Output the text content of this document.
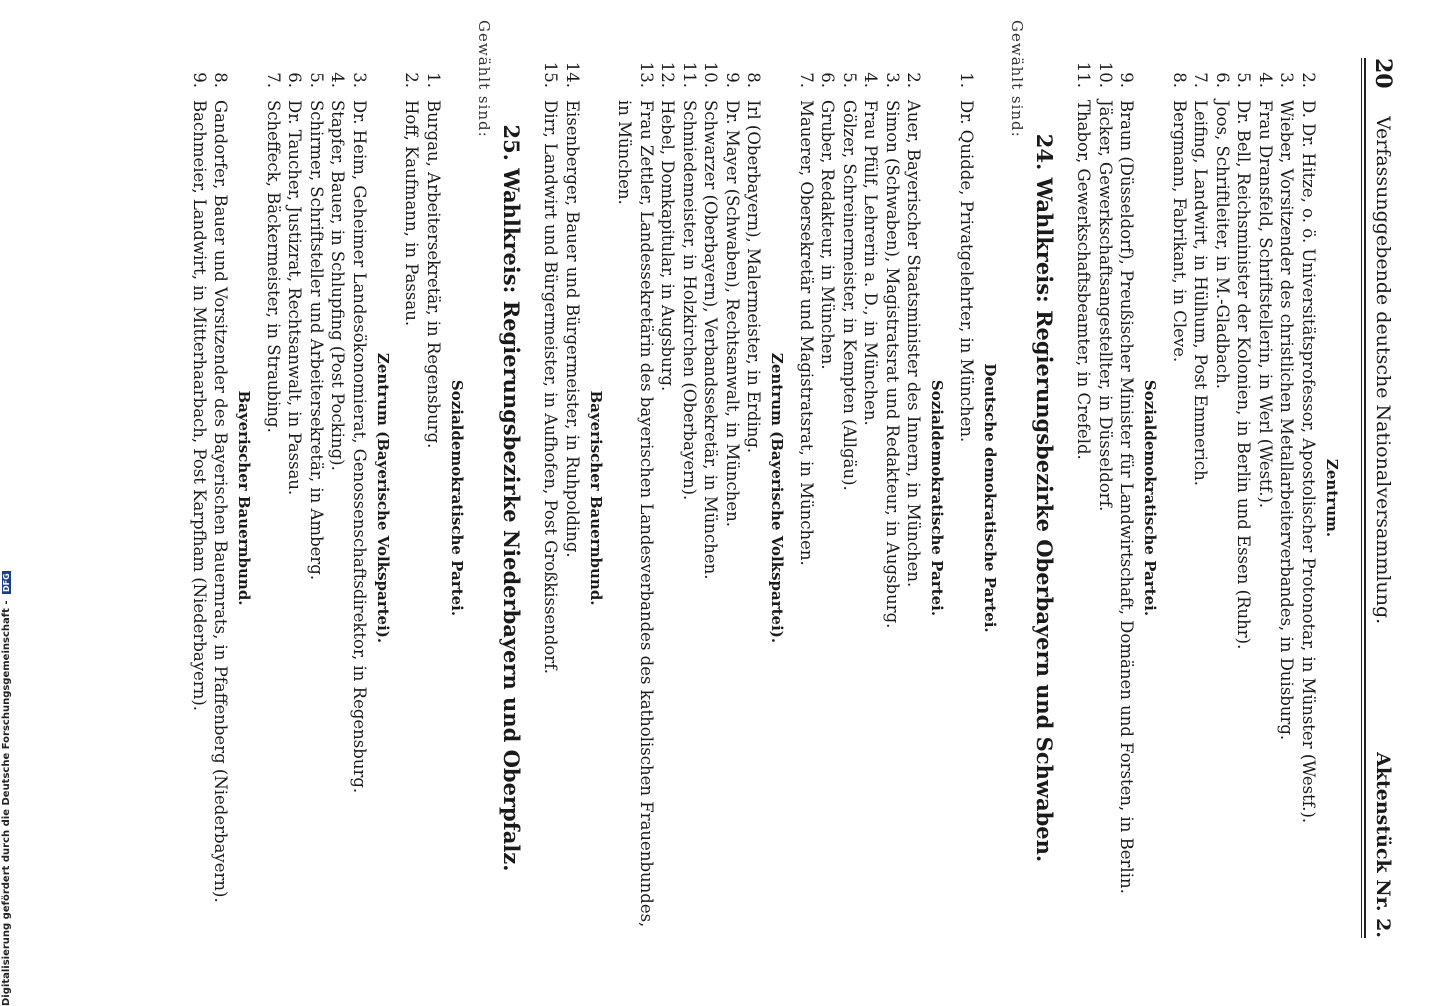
20
Verfassunggebende deutsche Nationalversammlung.
Aktenstück Nr. 2.
Zentrum.
2.
D. Dr. Hitze, o. ö. Universitätsprofessor, Apostolischer Protonotar, in Münster (Westf.).
3.
Wieber, Vorsitzender des christlichen Metallarbeiterverbandes, in Duisburg.
4.
Frau Dransfeld, Schriftstellerin, in Werl (Westf.).
5.
Dr. Bell, Reichsminister der Kolonien, in Berlin und Essen (Ruhr).
6.
Joos, Schriftleiter, in M.-Gladbach.
7.
Leifing, Landwirt, in Hülhum, Post Emmerich.
8.
Bergmann, Fabrikant, in Cleve.
Sozialdemokratische Partei.
9.
Braun (Düsseldorf), Preußischer Minister für Landwirtschaft, Domänen und Forsten, in Berlin.
10.
Jäcker, Gewerkschaftsangestellter, in Düsseldorf.
11.
Thabor, Gewerkschaftsbeamter, in Crefeld.
24. Wahlkreis: Regierungsbezirke Oberbayern und Schwaben.
Gewählt sind:
Deutsche demokratische Partei.
1.
Dr. Quidde, Privatgelehrter, in München.
Sozialdemokratische Partei.
2.
Auer, Bayerischer Staatsminister des Innern, in München.
3.
Simon (Schwaben), Magistratsrat und Redakteur, in Augsburg.
4.
Frau Pfülf, Lehrerin a. D., in München.
5.
Gölzer, Schreinermeister, in Kempten (Allgäu).
6.
Gruber, Redakteur, in München.
7.
Mauerer, Obersekretär und Magistratsrat, in München.
Zentrum (Bayerische Volkspartei).
8.
Irl (Oberbayern), Malermeister, in Erding.
9.
Dr. Mayer (Schwaben), Rechtsanwalt, in München.
10.
Schwarzer (Oberbayern), Verbandssekretär, in München.
11.
Schmiedemeister, in Holzkirchen (Oberbayern).
12.
Hebel, Domkapitular, in Augsburg.
13.
Frau Zettler, Landessekretärin des bayerischen Landesverbandes des katholischen Frauenbundes, in München.
Bayerischer Bauernbund.
14.
Eisenberger, Bauer und Bürgermeister, in Ruhpolding.
15.
Dirr, Landwirt und Bürgermeister, in Aufhofen, Post Großkissendorf.
25. Wahlkreis: Regierungsbezirke Niederbayern und Oberpfalz.
Gewählt sind:
Sozialdemokratische Partei.
1.
Burgau, Arbeitersekretär, in Regensburg.
2.
Hoff, Kaufmann, in Passau.
Zentrum (Bayerische Volkspartei).
3.
Dr. Heim, Geheimer Landesökonomierat, Genossenschaftsdirektor, in Regensburg.
4.
Stapfer, Bauer, in Schlupfing (Post Pocking).
5.
Schirmer, Schriftsteller und Arbeitersekretär, in Amberg.
6.
Dr. Taucher, Justizrat, Rechtsanwalt, in Passau.
7.
Scheffeck, Bäckermeister, in Straubing.
Bayerischer Bauernbund.
8.
Gandorfer, Bauer und Vorsitzender des Bayerischen Bauernrats, in Pfaffenberg (Niederbayern).
9.
Bachmeier, Landwirt, in Mitterhaarbach, Post Karpfham (Niederbayern).
Digitalisierung gefördert durch die Deutsche Forschungsgemeinschaft - DFG
